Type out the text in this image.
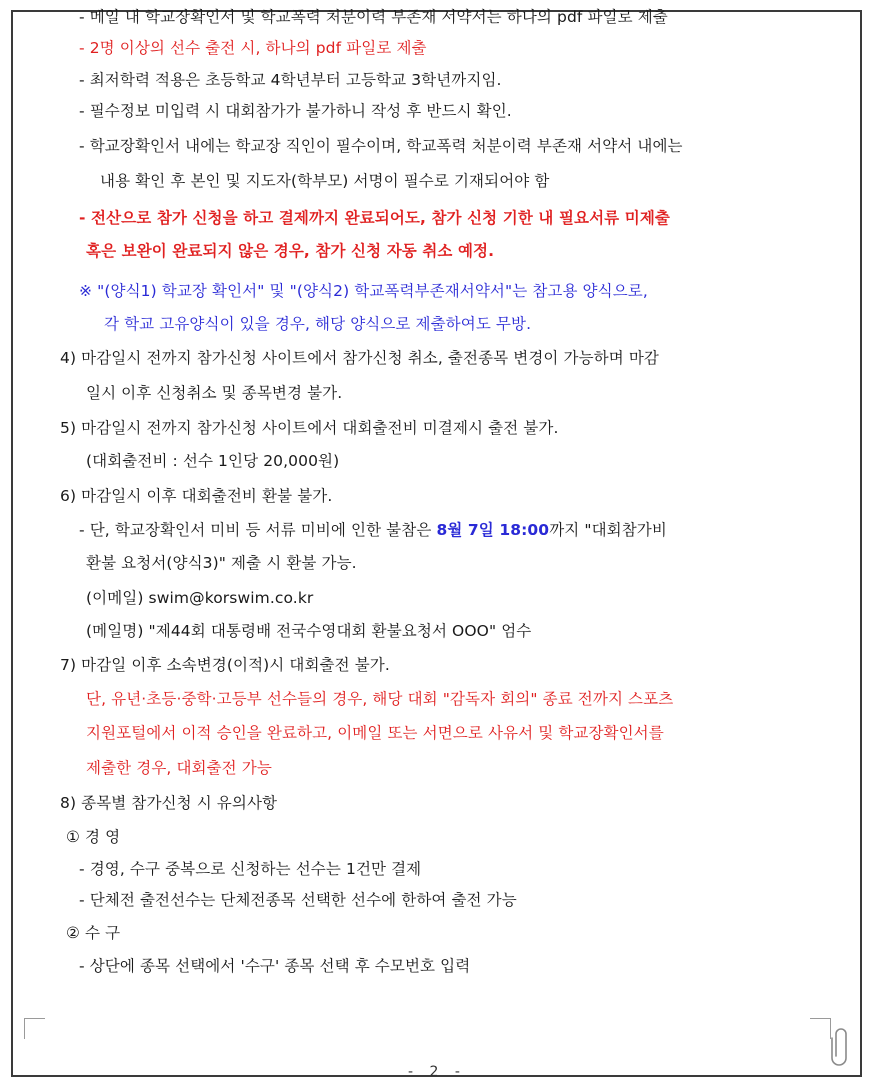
- 메일 내 학교장확인서 및 학교폭력 처분이력 부존재 서약서는 하나의 pdf 파일로 제출
- 2명 이상의 선수 출전 시, 하나의 pdf 파일로 제출
- 최저학력 적용은 초등학교 4학년부터 고등학교 3학년까지임.
- 필수정보 미입력 시 대회참가가 불가하니 작성 후 반드시 확인.
- 학교장확인서 내에는 학교장 직인이 필수이며, 학교폭력 처분이력 부존재 서약서 내에는
내용 확인 후 본인 및 지도자(학부모) 서명이 필수로 기재되어야 함
- 전산으로 참가 신청을 하고 결제까지 완료되어도, 참가 신청 기한 내 필요서류 미제출
혹은 보완이 완료되지 않은 경우, 참가 신청 자동 취소 예정.
※ "(양식1) 학교장 확인서" 및 "(양식2) 학교폭력부존재서약서"는 참고용 양식으로,
각 학교 고유양식이 있을 경우, 해당 양식으로 제출하여도 무방.
4) 마감일시 전까지 참가신청 사이트에서 참가신청 취소, 출전종목 변경이 가능하며 마감
일시 이후 신청취소 및 종목변경 불가.
5) 마감일시 전까지 참가신청 사이트에서 대회출전비 미결제시 출전 불가.
(대회출전비 : 선수 1인당 20,000원)
6) 마감일시 이후 대회출전비 환불 불가.
- 단, 학교장확인서 미비 등 서류 미비에 인한 불참은 8월 7일 18:00까지 "대회참가비
환불 요청서(양식3)" 제출 시 환불 가능.
(이메일) swim@korswim.co.kr
(메일명) "제44회 대통령배 전국수영대회 환불요청서 OOO" 엄수
7) 마감일 이후 소속변경(이적)시 대회출전 불가.
단, 유년·초등·중학·고등부 선수들의 경우, 해당 대회 "감독자 회의" 종료 전까지 스포츠
지원포털에서 이적 승인을 완료하고, 이메일 또는 서면으로 사유서 및 학교장확인서를
제출한 경우, 대회출전 가능
8) 종목별 참가신청 시 유의사항
① 경 영
- 경영, 수구 중복으로 신청하는 선수는 1건만 결제
- 단체전 출전선수는 단체전종목 선택한 선수에 한하여 출전 가능
② 수 구
- 상단에 종목 선택에서 '수구' 종목 선택 후 수모번호 입력
- 2 -
